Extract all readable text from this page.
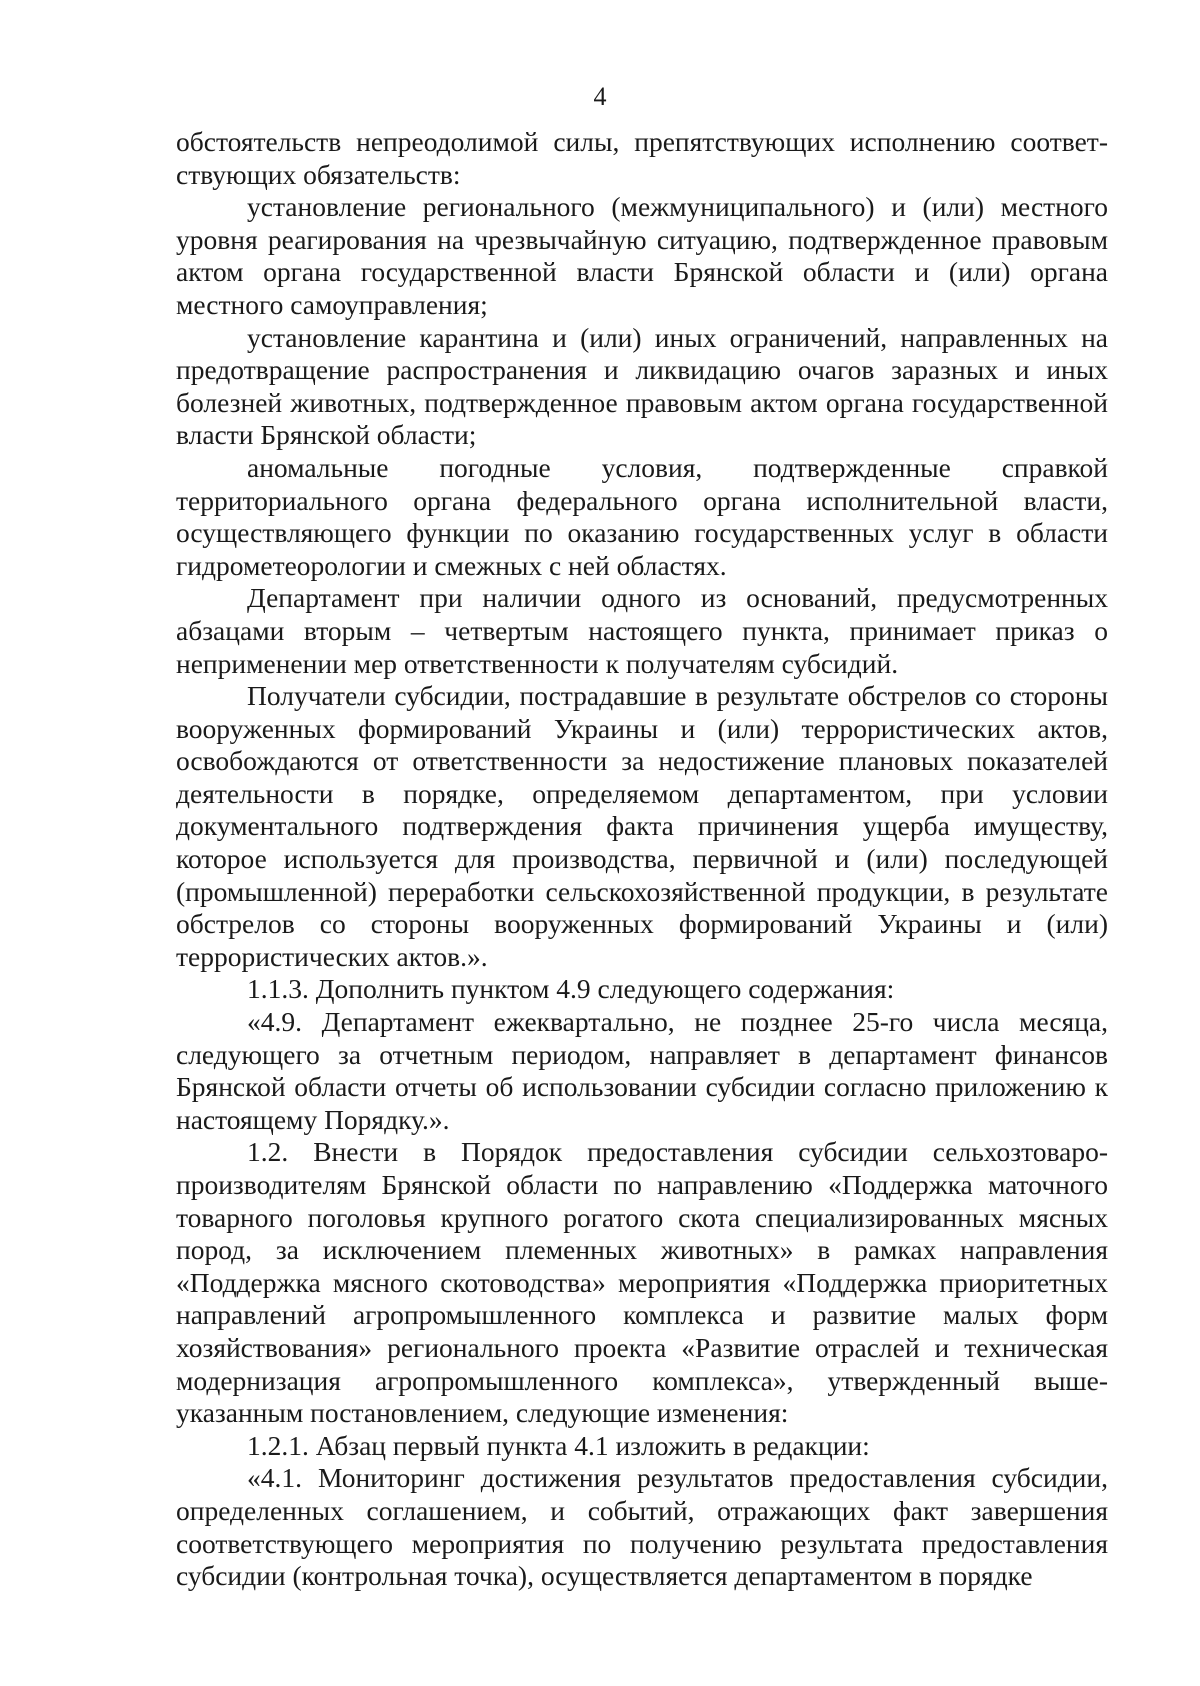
4

обстоятельств непреодолимой силы, препятствующих исполнению соответствующих обязательств:

установление регионального (межмуниципального) и (или) местного уровня реагирования на чрезвычайную ситуацию, подтвержденное правовым актом органа государственной власти Брянской области и (или) органа местного самоуправления;

установление карантина и (или) иных ограничений, направленных на предотвращение распространения и ликвидацию очагов заразных и иных болезней животных, подтвержденное правовым актом органа государственной власти Брянской области;

аномальные погодные условия, подтвержденные справкой территориального органа федерального органа исполнительной власти, осуществляющего функции по оказанию государственных услуг в области гидрометеорологии и смежных с ней областях.

Департамент при наличии одного из оснований, предусмотренных абзацами вторым – четвертым настоящего пункта, принимает приказ о неприменении мер ответственности к получателям субсидий.

Получатели субсидии, пострадавшие в результате обстрелов со стороны вооруженных формирований Украины и (или) террористических актов, освобождаются от ответственности за недостижение плановых показателей деятельности в порядке, определяемом департаментом, при условии документального подтверждения факта причинения ущерба имуществу, которое используется для производства, первичной и (или) последующей (промышленной) переработки сельскохозяйственной продукции, в результате обстрелов со стороны вооруженных формирований Украины и (или) террористических актов.».

1.1.3. Дополнить пунктом 4.9 следующего содержания:

«4.9. Департамент ежеквартально, не позднее 25-го числа месяца, следующего за отчетным периодом, направляет в департамент финансов Брянской области отчеты об использовании субсидии согласно приложению к настоящему Порядку.».

1.2. Внести в Порядок предоставления субсидии сельхозтоваропроизводителям Брянской области по направлению «Поддержка маточного товарного поголовья крупного рогатого скота специализированных мясных пород, за исключением племенных животных» в рамках направления «Поддержка мясного скотоводства» мероприятия «Поддержка приоритетных направлений агропромышленного комплекса и развитие малых форм хозяйствования» регионального проекта «Развитие отраслей и техническая модернизация агропромышленного комплекса», утвержденный вышеуказанным постановлением, следующие изменения:

1.2.1. Абзац первый пункта 4.1 изложить в редакции:

«4.1. Мониторинг достижения результатов предоставления субсидии, определенных соглашением, и событий, отражающих факт завершения соответствующего мероприятия по получению результата предоставления субсидии (контрольная точка), осуществляется департаментом в порядке
